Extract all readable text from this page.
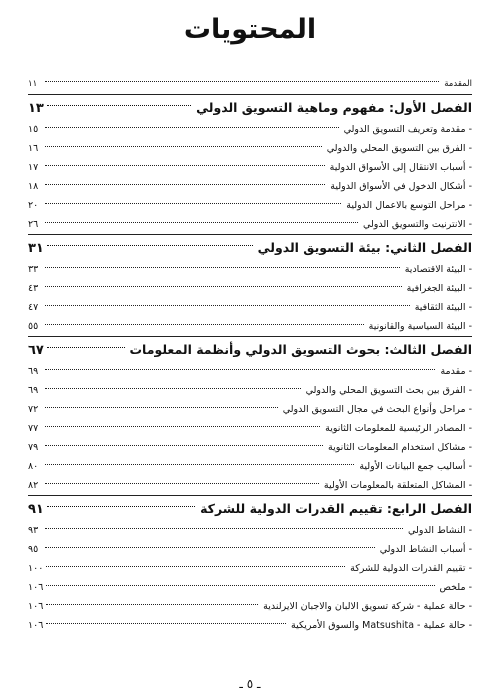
المحتويات
المقدمة
١١
الفصل الأول: مفهوم وماهية التسويق الدولي
١٣
- مقدمة وتعريف التسويق الدولي
١٥
- الفرق بين التسويق المحلي والدولي
١٦
- أسباب الانتقال إلى الأسواق الدولية
١٧
- أشكال الدخول في الأسواق الدولية
١٨
- مراحل التوسع بالاعمال الدولية
٢٠
- الانترنيت والتسويق الدولي
٢٦
الفصل الثاني: بيئة التسويق الدولي
٣١
- البيئة الاقتصادية
٣٣
- البيئة الجغرافية
٤٣
- البيئة الثقافية
٤٧
- البيئة السياسية والقانونية
٥٥
الفصل الثالث: بحوث التسويق الدولي وأنظمة المعلومات
٦٧
- مقدمة
٦٩
- الفرق بين بحث التسويق المحلي والدولي
٦٩
- مراحل وأنواع البحث في مجال التسويق الدولي
٧٢
- المصادر الرئيسية للمعلومات الثانوية
٧٧
- مشاكل استخدام المعلومات الثانوية
٧٩
- أساليب جمع البيانات الأولية
٨٠
- المشاكل المتعلقة بالمعلومات الأولية
٨٢
الفصل الرابع: تقييم القدرات الدولية للشركة
٩١
- النشاط الدولي
٩٣
- أسباب النشاط الدولي
٩٥
- تقييم القدرات الدولية للشركة
١٠٠
- ملخص
١٠٦
- حالة عملية - شركة تسويق الالبان والاجبان الايرلندية
١٠٦
- حالة عملية - Matsushita والسوق الأمريكية
١٠٦
ـ ٥ ـ
